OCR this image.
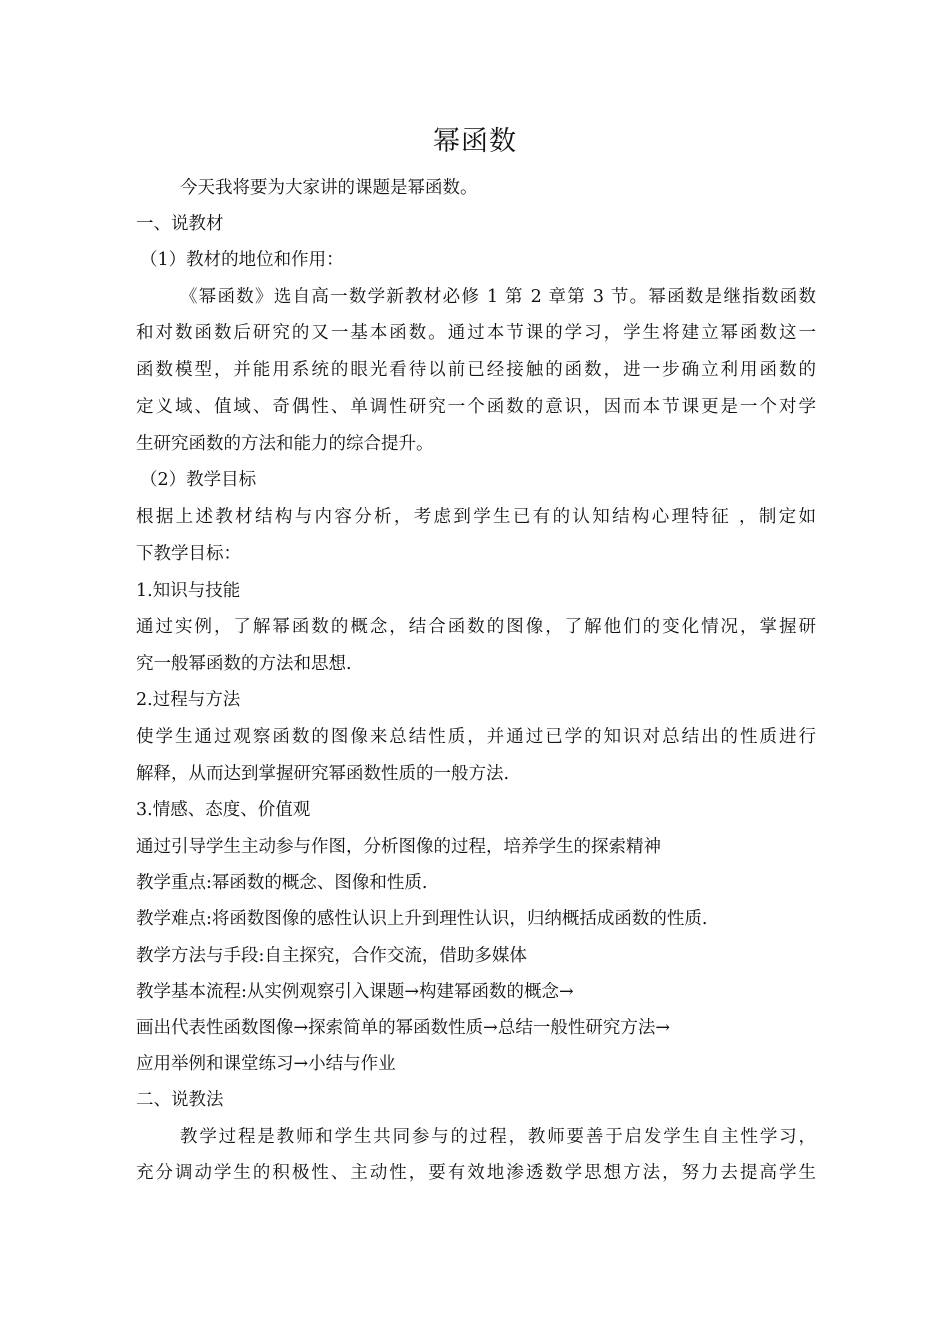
幂函数
今天我将要为大家讲的课题是幂函数。
一、说教材
（1）教材的地位和作用：
《幂函数》选自高一数学新教材必修 1 第 2 章第 3 节。幂函数是继指数函数
和对数函数后研究的又一基本函数。通过本节课的学习，学生将建立幂函数这一
函数模型，并能用系统的眼光看待以前已经接触的函数，进一步确立利用函数的
定义域、值域、奇偶性、单调性研究一个函数的意识，因而本节课更是一个对学
生研究函数的方法和能力的综合提升。
（2）教学目标
根据上述教材结构与内容分析，考虑到学生已有的认知结构心理特征 ，制定如
下教学目标：
1.知识与技能
通过实例，了解幂函数的概念，结合函数的图像，了解他们的变化情况，掌握研
究一般幂函数的方法和思想.
2.过程与方法
使学生通过观察函数的图像来总结性质，并通过已学的知识对总结出的性质进行
解释，从而达到掌握研究幂函数性质的一般方法.
3.情感、态度、价值观
通过引导学生主动参与作图，分析图像的过程，培养学生的探索精神
教学重点:幂函数的概念、图像和性质.
教学难点:将函数图像的感性认识上升到理性认识，归纳概括成函数的性质.
教学方法与手段:自主探究，合作交流，借助多媒体
教学基本流程:从实例观察引入课题→构建幂函数的概念→
画出代表性函数图像→探索简单的幂函数性质→总结一般性研究方法→
应用举例和课堂练习→小结与作业
二、说教法
教学过程是教师和学生共同参与的过程，教师要善于启发学生自主性学习，
充分调动学生的积极性、主动性，要有效地渗透数学思想方法，努力去提高学生
